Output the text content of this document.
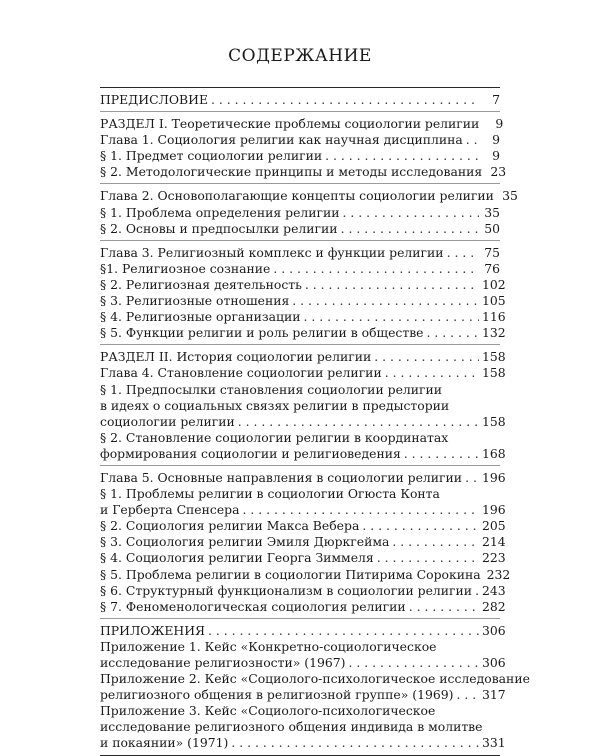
СОДЕРЖАНИЕ
ПРЕДИСЛОВИЕ . . .	7
РАЗДЕЛ I. Теоретические проблемы социологии религии	9
Глава 1. Социология религии как научная дисциплина . . .	9
§ 1. Предмет социологии религии . . .	9
§ 2. Методологические принципы и методы исследования 23
Глава 2. Основополагающие концепты социологии религии 35
§ 1. Проблема определения религии . . .	35
§ 2. Основы и предпосылки религии . . .	50
Глава 3. Религиозный комплекс и функции религии . . .	75
§1. Религиозное сознание . . .	76
§ 2. Религиозная деятельность . . .	102
§ 3. Религиозные отношения . . .	105
§ 4. Религиозные организации . . .	116
§ 5. Функции религии и роль религии в обществе . . .	132
РАЗДЕЛ II. История социологии религии . . .	158
Глава 4. Становление социологии религии . . .	158
§ 1. Предпосылки становления социологии религии
в идеях о социальных связях религии в предыстории
социологии религии . . .	158
§ 2. Становление социологии религии в координатах
формирования социологии и религиоведения . . .	168
Глава 5. Основные направления в социологии религии . . . 196
§ 1. Проблемы религии в социологии Огюста Конта
и Герберта Спенсера . . .	196
§ 2. Социология религии Макса Вебера . . .	205
§ 3. Социология религии Эмиля Дюркгейма . . .	214
§ 4. Социология религии Георга Зиммеля . . .	223
§ 5. Проблема религии в социологии Питирима Сорокина 232
§ 6. Структурный функционализм в социологии религии . . . 243
§ 7. Феноменологическая социология религии . . .	282
ПРИЛОЖЕНИЯ . . .	306
Приложение 1. Кейс «Конкретно-социологическое
исследование религиозности» (1967) . . .	306
Приложение 2. Кейс «Социолого-психологическое исследование
религиозного общения в религиозной группе» (1969) . . . 317
Приложение 3. Кейс «Социолого-психологическое
исследование религиозного общения индивида в молитве
и покаянии» (1971) . . .	331
